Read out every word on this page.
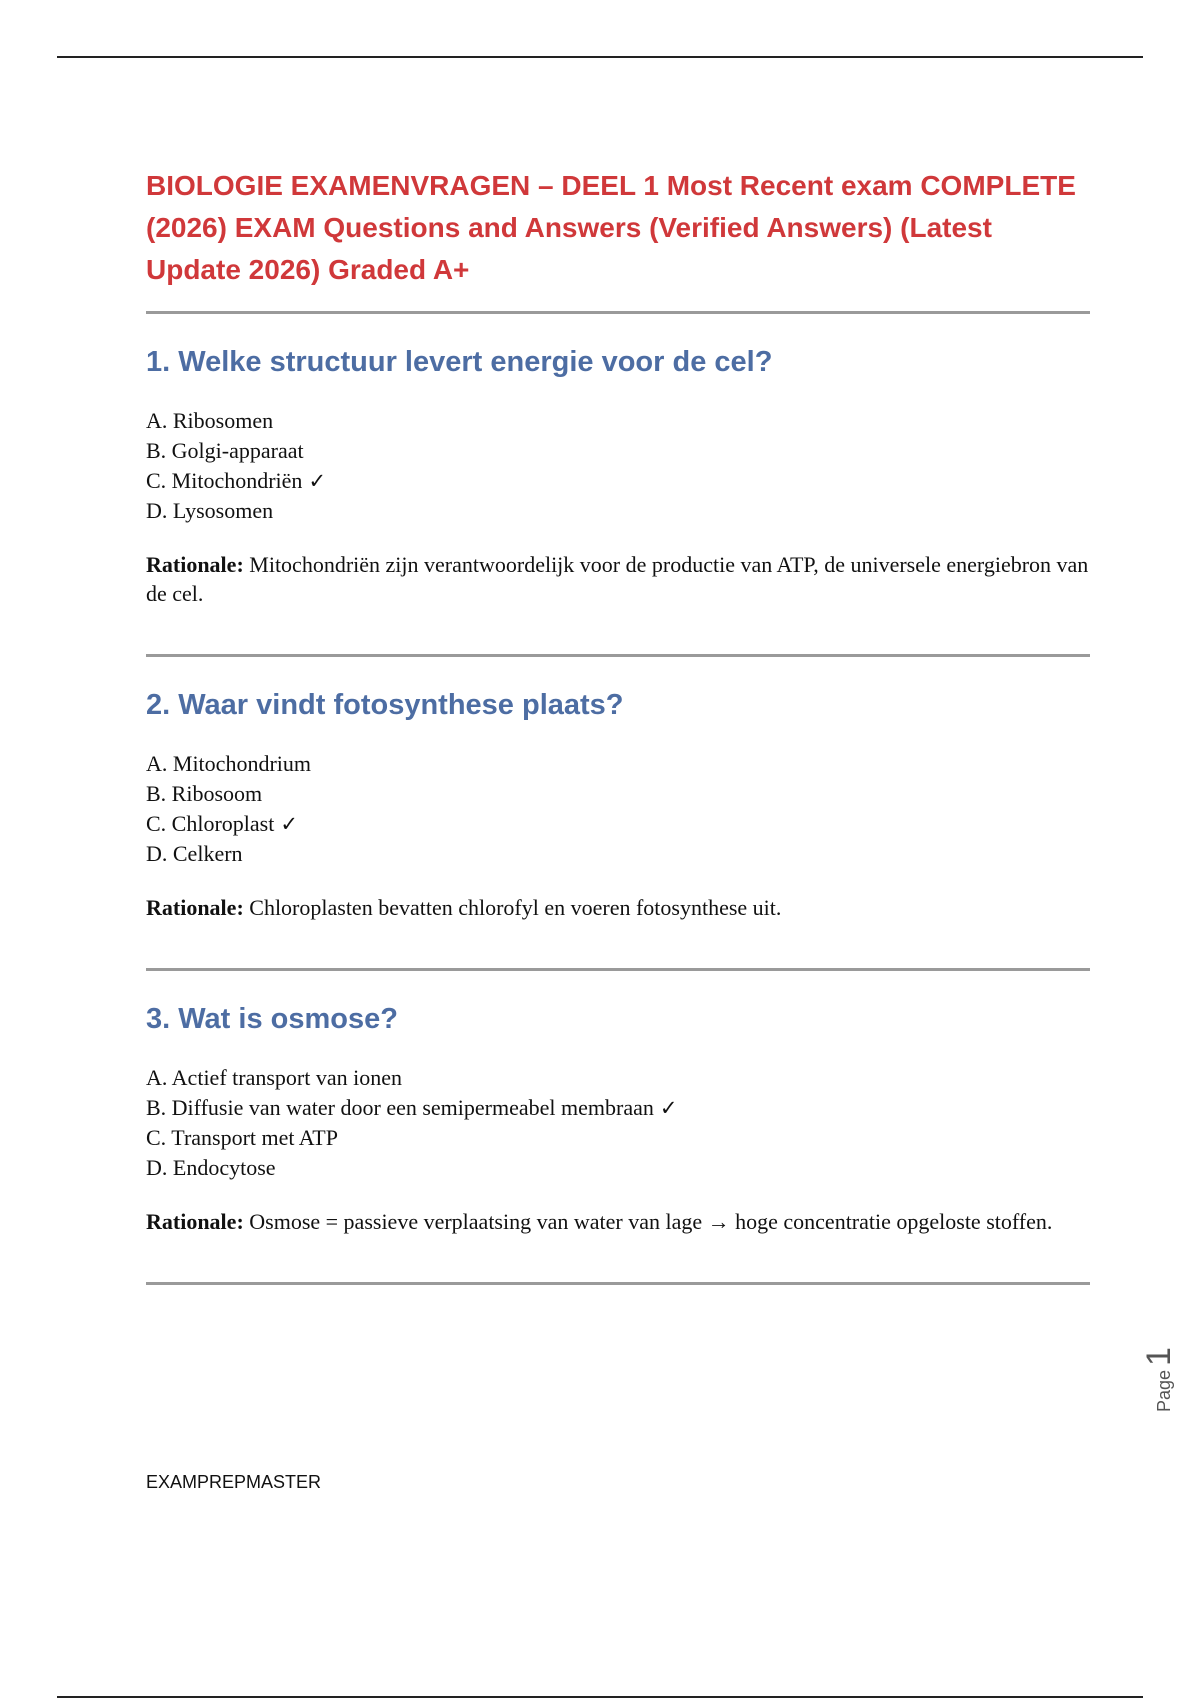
BIOLOGIE EXAMENVRAGEN – DEEL 1 Most Recent exam COMPLETE (2026) EXAM Questions and Answers (Verified Answers) (Latest Update 2026) Graded A+
1. Welke structuur levert energie voor de cel?
A. Ribosomen
B. Golgi-apparaat
C. Mitochondriën ✓
D. Lysosomen

Rationale: Mitochondriën zijn verantwoordelijk voor de productie van ATP, de universele energiebron van de cel.

2. Waar vindt fotosynthese plaats?
A. Mitochondrium
B. Ribosoom
C. Chloroplast ✓
D. Celkern

Rationale: Chloroplasten bevatten chlorofyl en voeren fotosynthese uit.

3. Wat is osmose?
A. Actief transport van ionen
B. Diffusie van water door een semipermeabel membraan ✓
C. Transport met ATP
D. Endocytose

Rationale: Osmose = passieve verplaatsing van water van lage → hoge concentratie opgeloste stoffen.

Page1
EXAMPREPMASTER
